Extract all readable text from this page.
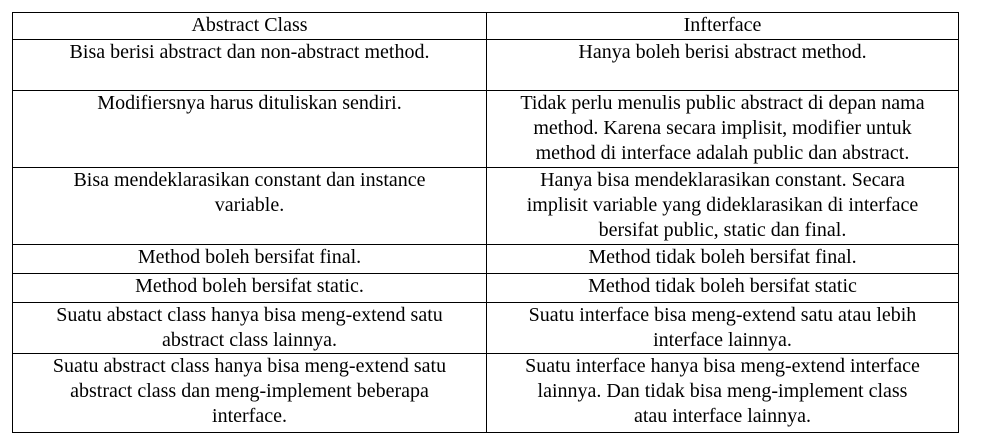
Abstract Class	Infterface
Bisa berisi abstract dan non-abstract method.	Hanya boleh berisi abstract method.
Modifiersnya harus dituliskan sendiri.	Tidak perlu menulis public abstract di depan nama
method. Karena secara implisit, modifier untuk
method di interface adalah public dan abstract.
Bisa mendeklarasikan constant dan instance
variable.	Hanya bisa mendeklarasikan constant. Secara
implisit variable yang dideklarasikan di interface
bersifat public, static dan final.
Method boleh bersifat final.	Method tidak boleh bersifat final.
Method boleh bersifat static.	Method tidak boleh bersifat static
Suatu abstact class hanya bisa meng-extend satu
abstract class lainnya.	Suatu interface bisa meng-extend satu atau lebih
interface lainnya.
Suatu abstract class hanya bisa meng-extend satu
abstract class dan meng-implement beberapa
interface.	Suatu interface hanya bisa meng-extend interface
lainnya. Dan tidak bisa meng-implement class
atau interface lainnya.
